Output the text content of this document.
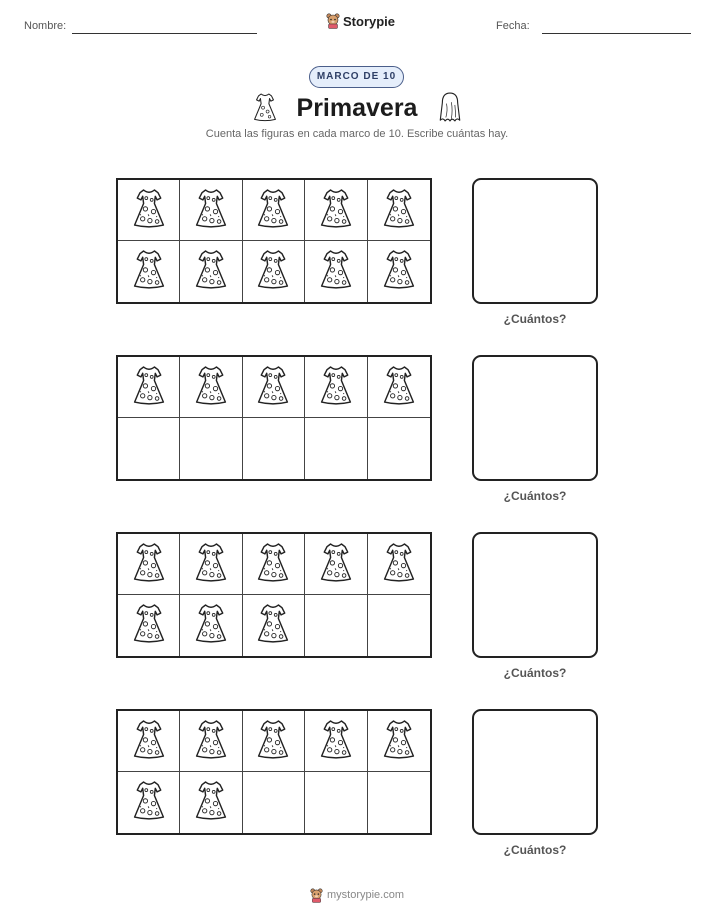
Nombre:	Storypie	Fecha:
MARCO DE 10
Primavera
Cuenta las figuras en cada marco de 10. Escribe cuántas hay.
¿Cuántos?
¿Cuántos?
¿Cuántos?
¿Cuántos?
mystorypie.com
